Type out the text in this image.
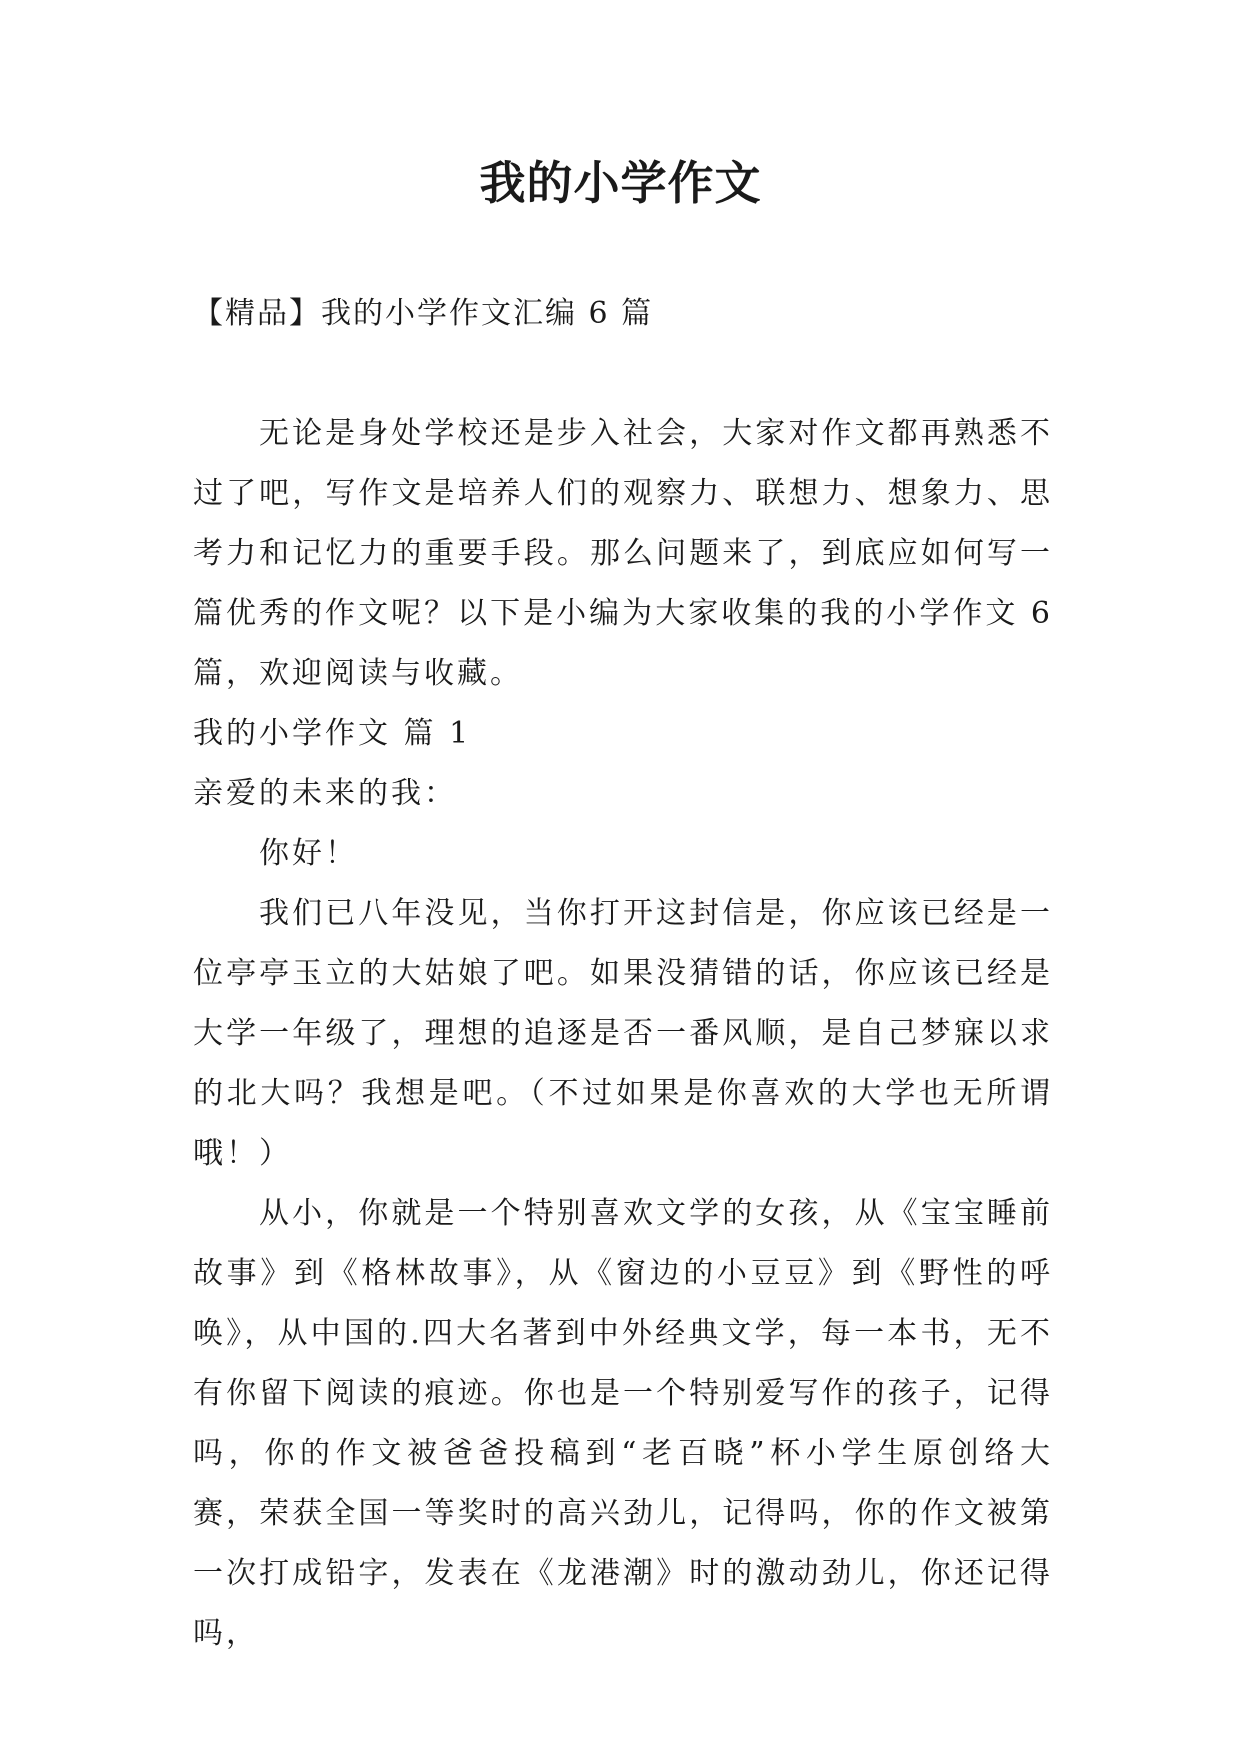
我的小学作文

【精品】我的小学作文汇编 6 篇

无论是身处学校还是步入社会，大家对作文都再熟悉不过了吧，写作文是培养人们的观察力、联想力、想象力、思考力和记忆力的重要手段。那么问题来了，到底应如何写一篇优秀的作文呢？以下是小编为大家收集的我的小学作文 6 篇，欢迎阅读与收藏。

我的小学作文 篇 1

亲爱的未来的我：

你好！

我们已八年没见，当你打开这封信是，你应该已经是一位亭亭玉立的大姑娘了吧。如果没猜错的话，你应该已经是大学一年级了，理想的追逐是否一番风顺，是自己梦寐以求的北大吗？我想是吧。（不过如果是你喜欢的大学也无所谓哦！）

从小，你就是一个特别喜欢文学的女孩，从《宝宝睡前故事》到《格林故事》，从《窗边的小豆豆》到《野性的呼唤》，从中国的.四大名著到中外经典文学，每一本书，无不有你留下阅读的痕迹。你也是一个特别爱写作的孩子，记得吗，你的作文被爸爸投稿到“老百晓”杯小学生原创络大赛，荣获全国一等奖时的高兴劲儿，记得吗，你的作文被第一次打成铅字，发表在《龙港潮》时的激动劲儿，你还记得吗，
